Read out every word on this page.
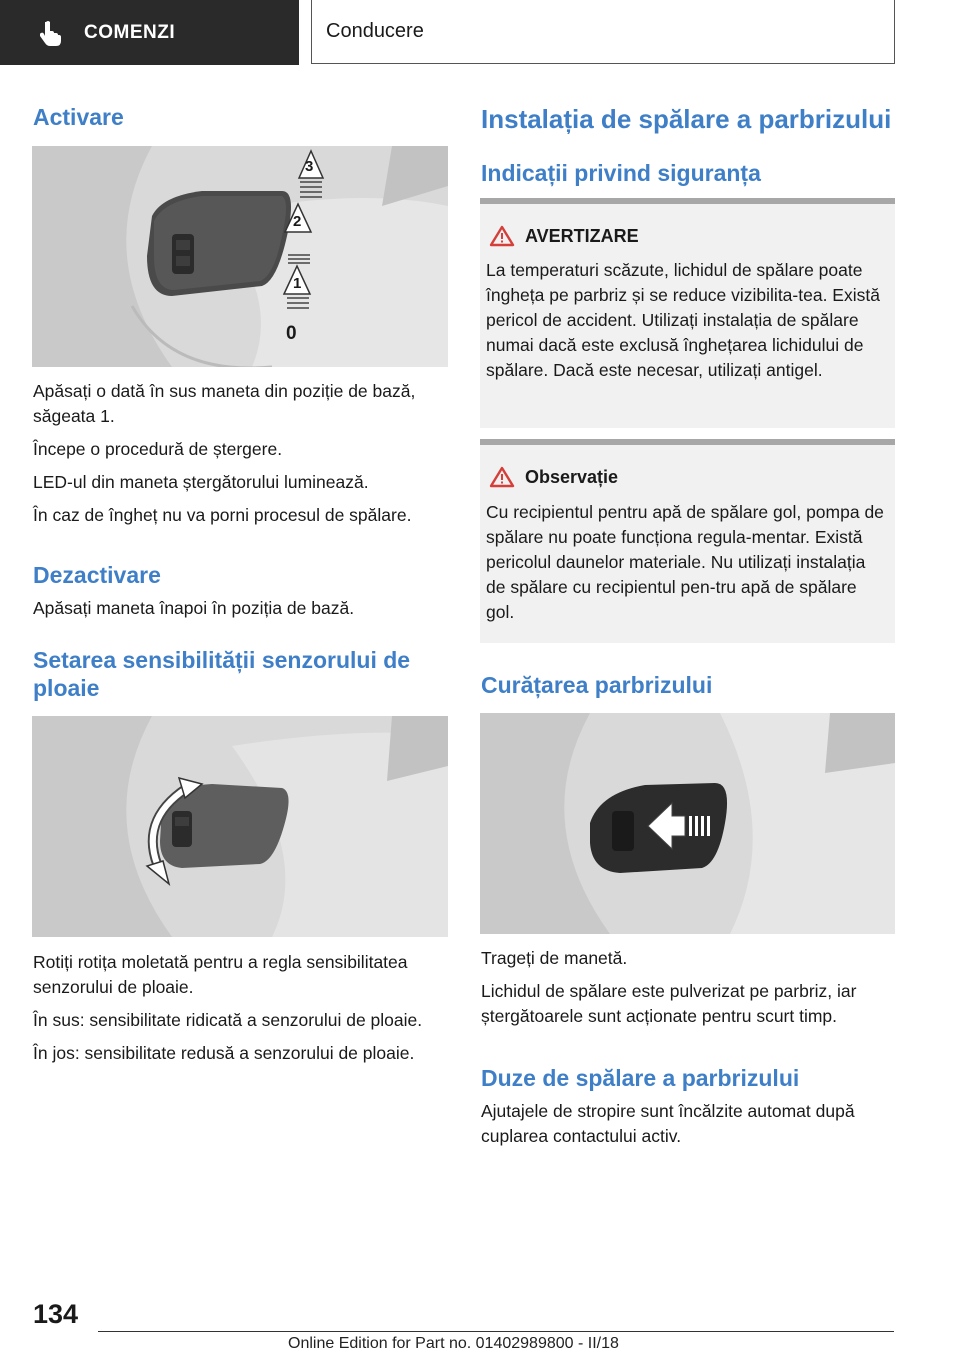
COMENZI	Conducere
Activare
3
2
1
0

Apăsați o dată în sus maneta din poziție de bază, săgeata 1.

Începe o procedură de ștergere.

LED-ul din maneta ștergătorului luminează.

În caz de îngheț nu va porni procesul de spălare.

Dezactivare

Apăsați maneta înapoi în poziția de bază.

Setarea sensibilității senzorului de ploaie

Rotiți rotița moletată pentru a regla sensibilitatea senzorului de ploaie.

În sus: sensibilitate ridicată a senzorului de ploaie.

În jos: sensibilitate redusă a senzorului de ploaie.

Instalația de spălare a parbrizului
Indicații privind siguranța
AVERTIZARE

La temperaturi scăzute, lichidul de spălare poate îngheța pe parbriz și se reduce vizibilita-tea. Există pericol de accident. Utilizați instalația de spălare numai dacă este exclusă înghețarea lichidului de spălare. Dacă este necesar, utilizați antigel.

Observație

Cu recipientul pentru apă de spălare gol, pompa de spălare nu poate funcționa regula-mentar. Există pericolul daunelor materiale. Nu utilizați instalația de spălare cu recipientul pen-tru apă de spălare gol.

Curățarea parbrizului

Trageți de manetă.

Lichidul de spălare este pulverizat pe parbriz, iar ștergătoarele sunt acționate pentru scurt timp.

Duze de spălare a parbrizului

Ajutajele de stropire sunt încălzite automat după cuplarea contactului activ.

134
Online Edition for Part no. 01402989800 - II/18
